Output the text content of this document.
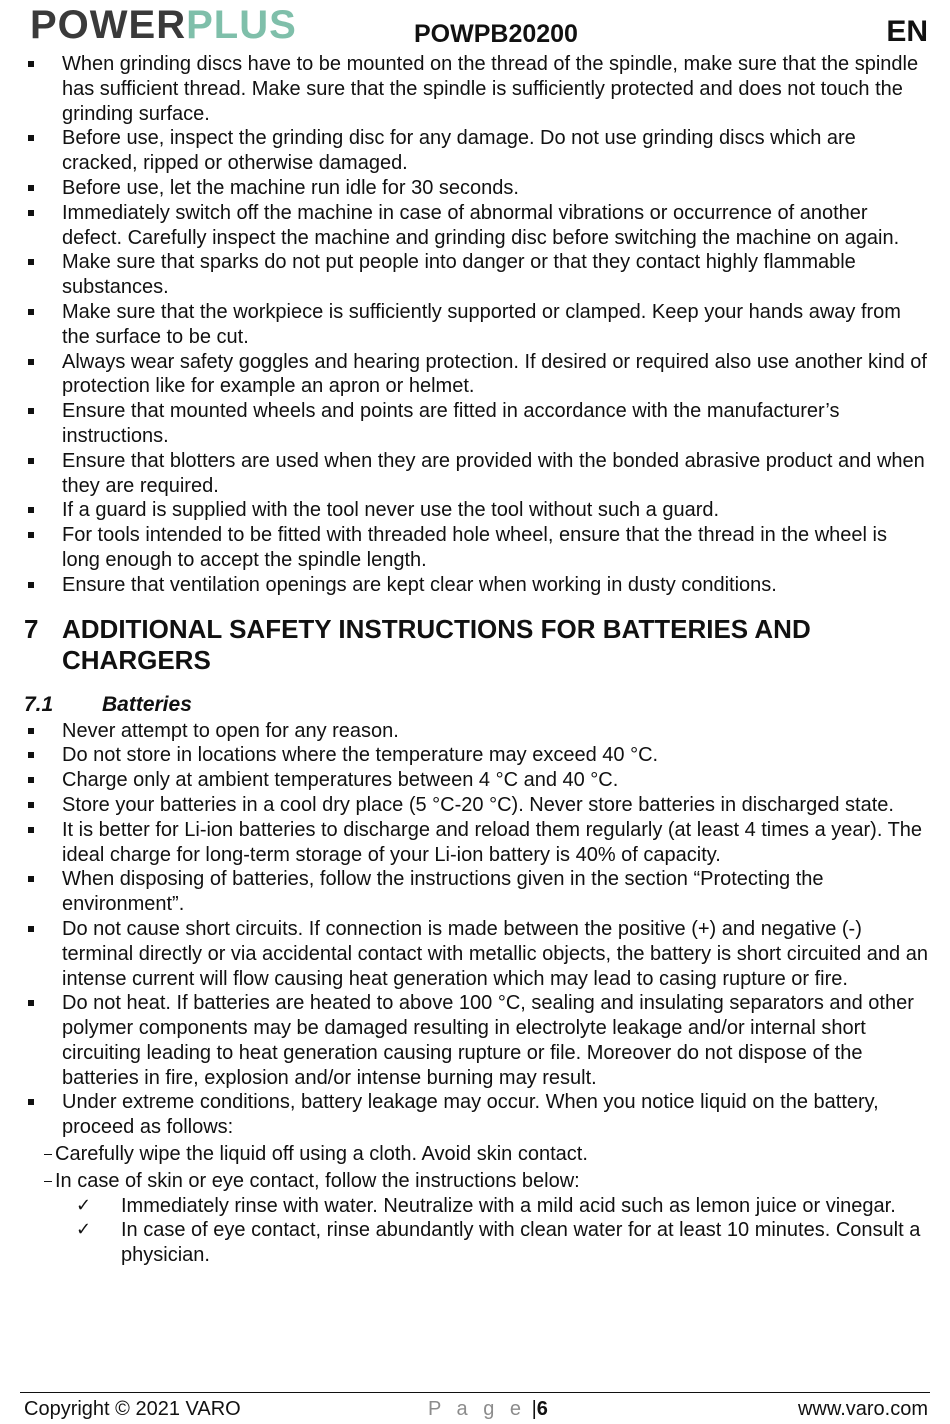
POWERPLUS	POWPB20200	EN
When grinding discs have to be mounted on the thread of the spindle, make sure that the spindle has sufficient thread. Make sure that the spindle is sufficiently protected and does not touch the grinding surface.
Before use, inspect the grinding disc for any damage. Do not use grinding discs which are cracked, ripped or otherwise damaged.
Before use, let the machine run idle for 30 seconds.
Immediately switch off the machine in case of abnormal vibrations or occurrence of another defect. Carefully inspect the machine and grinding disc before switching the machine on again.
Make sure that sparks do not put people into danger or that they contact highly flammable substances.
Make sure that the workpiece is sufficiently supported or clamped. Keep your hands away from the surface to be cut.
Always wear safety goggles and hearing protection. If desired or required also use another kind of protection like for example an apron or helmet.
Ensure that mounted wheels and points are fitted in accordance with the manufacturer’s instructions.
Ensure that blotters are used when they are provided with the bonded abrasive product and when they are required.
If a guard is supplied with the tool never use the tool without such a guard.
For tools intended to be fitted with threaded hole wheel, ensure that the thread in the wheel is long enough to accept the spindle length.
Ensure that ventilation openings are kept clear when working in dusty conditions.
7 ADDITIONAL SAFETY INSTRUCTIONS FOR BATTERIES AND CHARGERS
7.1	Batteries
Never attempt to open for any reason.
Do not store in locations where the temperature may exceed 40 °C.
Charge only at ambient temperatures between 4 °C and 40 °C.
Store your batteries in a cool dry place (5 °C-20 °C). Never store batteries in discharged state.
It is better for Li-ion batteries to discharge and reload them regularly (at least 4 times a year). The ideal charge for long-term storage of your Li-ion battery is 40% of capacity.
When disposing of batteries, follow the instructions given in the section “Protecting the environment”.
Do not cause short circuits. If connection is made between the positive (+) and negative (-) terminal directly or via accidental contact with metallic objects, the battery is short circuited and an intense current will flow causing heat generation which may lead to casing rupture or fire.
Do not heat. If batteries are heated to above 100 °C, sealing and insulating separators and other polymer components may be damaged resulting in electrolyte leakage and/or internal short circuiting leading to heat generation causing rupture or file. Moreover do not dispose of the batteries in fire, explosion and/or intense burning may result.
Under extreme conditions, battery leakage may occur. When you notice liquid on the battery, proceed as follows:
Carefully wipe the liquid off using a cloth. Avoid skin contact.
In case of skin or eye contact, follow the instructions below:
✓ Immediately rinse with water. Neutralize with a mild acid such as lemon juice or vinegar.
✓ In case of eye contact, rinse abundantly with clean water for at least 10 minutes. Consult a physician.
Copyright © 2021 VARO	P a g e |6	www.varo.com
